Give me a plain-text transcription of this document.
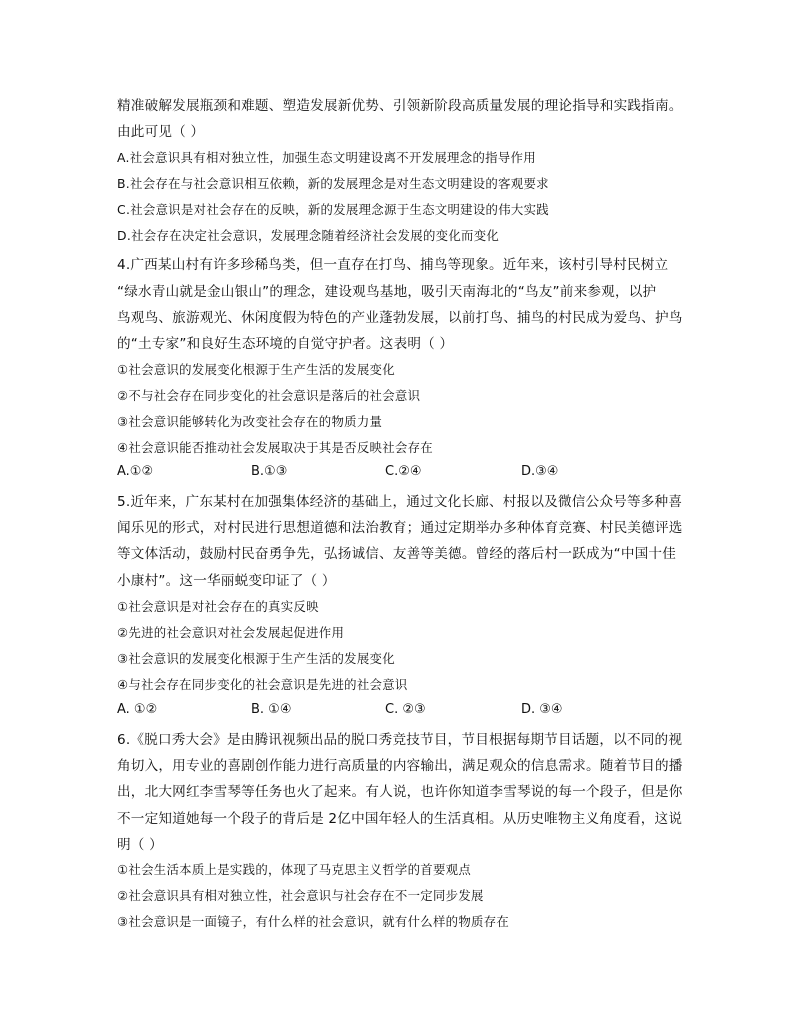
精准破解发展瓶颈和难题、塑造发展新优势、引领新阶段高质量发展的理论指导和实践指南。
由此可见（ ）
A.社会意识具有相对独立性，加强生态文明建设离不开发展理念的指导作用
B.社会存在与社会意识相互依赖，新的发展理念是对生态文明建设的客观要求
C.社会意识是对社会存在的反映，新的发展理念源于生态文明建设的伟大实践
D.社会存在决定社会意识，发展理念随着经济社会发展的变化而变化
4.广西某山村有许多珍稀鸟类，但一直存在打鸟、捕鸟等现象。近年来，该村引导村民树立
“绿水青山就是金山银山”的理念，建设观鸟基地，吸引天南海北的“鸟友”前来参观，以护
鸟观鸟、旅游观光、休闲度假为特色的产业蓬勃发展，以前打鸟、捕鸟的村民成为爱鸟、护鸟
的“土专家”和良好生态环境的自觉守护者。这表明（ ）
①社会意识的发展变化根源于生产生活的发展变化
②不与社会存在同步变化的社会意识是落后的社会意识
③社会意识能够转化为改变社会存在的物质力量
④社会意识能否推动社会发展取决于其是否反映社会存在
A.①②	B.①③	C.②④	D.③④
5.近年来，广东某村在加强集体经济的基础上，通过文化长廊、村报以及微信公众号等多种喜
闻乐见的形式，对村民进行思想道德和法治教育；通过定期举办多种体育竞赛、村民美德评选
等文体活动，鼓励村民奋勇争先，弘扬诚信、友善等美德。曾经的落后村一跃成为“中国十佳
小康村”。这一华丽蜕变印证了（ ）
①社会意识是对社会存在的真实反映
②先进的社会意识对社会发展起促进作用
③社会意识的发展变化根源于生产生活的发展变化
④与社会存在同步变化的社会意识是先进的社会意识
A. ①②	B. ①④	C. ②③	D. ③④
6.《脱口秀大会》是由腾讯视频出品的脱口秀竞技节目，节目根据每期节目话题，以不同的视
角切入，用专业的喜剧创作能力进行高质量的内容输出，满足观众的信息需求。随着节目的播
出，北大网红李雪琴等任务也火了起来。有人说，也许你知道李雪琴说的每一个段子，但是你
不一定知道她每一个段子的背后是 2亿中国年轻人的生活真相。从历史唯物主义角度看，这说
明（ ）
①社会生活本质上是实践的，体现了马克思主义哲学的首要观点
②社会意识具有相对独立性，社会意识与社会存在不一定同步发展
③社会意识是一面镜子，有什么样的社会意识，就有什么样的物质存在
